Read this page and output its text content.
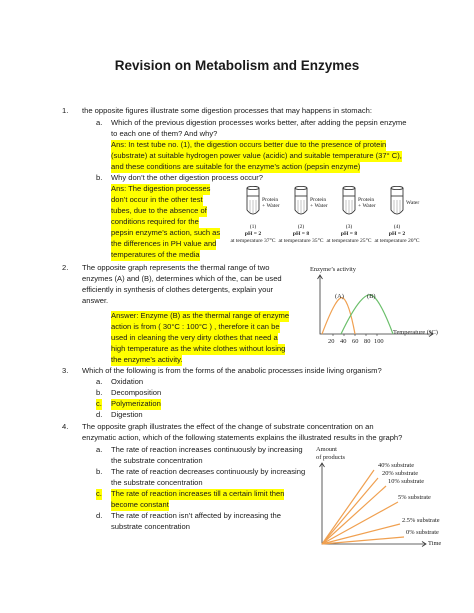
Revision on Metabolism and Enzymes
1. the opposite figures illustrate some digestion processes that may happens in stomach:
a. Which of the previous digestion processes works better, after adding the pepsin enzyme
to each one of them? And why?
Ans: In test tube no. (1), the digestion occurs better due to the presence of protein
(substrate) at suitable hydrogen power value (acidic) and suitable temperature (37° C),
and these conditions are suitable for the enzyme’s action (pepsin enzyme)
b. Why don’t the other digestion process occur?
Ans: The digestion processes
don’t occur in the other test
tubes, due to the absence of
conditions required for the
pepsin enzyme’s action, such as
the differences in PH value and
temperatures of the media
Protein + Water
Protein + Water
Protein + Water
Water
(1)	(2)	(3)	(4)
pH = 2	pH = 8	pH = 8	pH = 2
at temperature 37°C at temperature 35°C at temperature 25°C at temperature 20°C
2. The opposite graph represents the thermal range of two
enzymes (A) and (B), determines which of the, can be used
efficiently in synthesis of clothes detergents, explain your
answer.
Answer: Enzyme (B) as the thermal range of enzyme
action is from ( 30°C : 100°C ) , therefore it can be
used in cleaning the very dirty clothes that need a
high temperature as the white clothes without losing
the enzyme’s activity.
Enzyme’s activity
(A)	(B)
20 40 60 80 100
Temperature (°C)
3. Which of the following is from the forms of the anabolic processes inside living organism?
a. Oxidation
b. Decomposition
c. Polymerization
d. Digestion
4. The opposite graph illustrates the effect of the change of substrate concentration on an
enzymatic action, which of the following statements explains the illustrated results in the graph?
a. The rate of reaction increases continuously by increasing
the substrate concentration
b. The rate of reaction decreases continuously by increasing
the substrate concentration
c. The rate of reaction increases till a certain limit then
become constant
d. The rate of reaction isn’t affected by increasing the
substrate concentration
Amount
of products
40% substrate
20% substrate
10% substrate
5% substrate
2.5% substrate
0% substrate
Time
